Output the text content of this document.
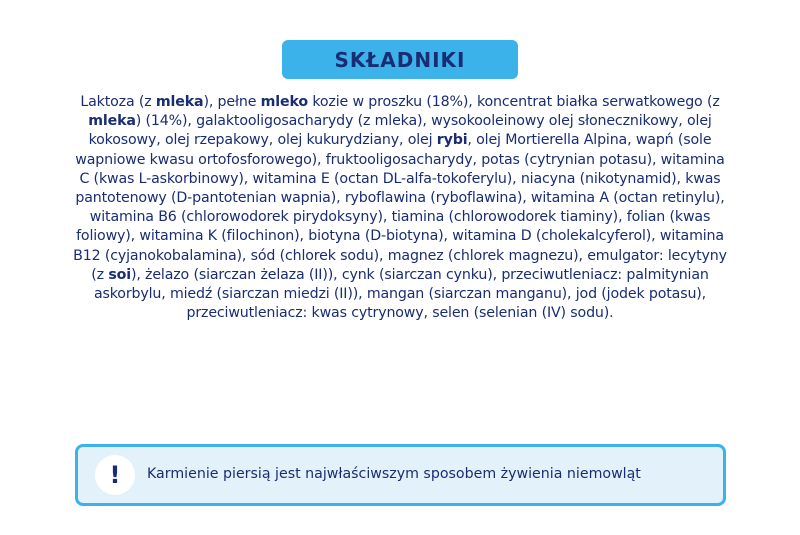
SKŁADNIKI

Laktoza (z mleka), pełne mleko kozie w proszku (18%), koncentrat białka serwatkowego (z mleka) (14%), galaktooligosacharydy (z mleka), wysokooleinowy olej słonecznikowy, olej kokosowy, olej rzepakowy, olej kukurydziany, olej rybi, olej Mortierella Alpina, wapń (sole wapniowe kwasu ortofosforowego), fruktooligosacharydy, potas (cytrynian potasu), witamina C (kwas L-askorbinowy), witamina E (octan DL-alfa-tokoferylu), niacyna (nikotynamid), kwas pantotenowy (D-pantotenian wapnia), ryboflawina (ryboflawina), witamina A (octan retinylu), witamina B6 (chlorowodorek pirydoksyny), tiamina (chlorowodorek tiaminy), folian (kwas foliowy), witamina K (filochinon), biotyna (D-biotyna), witamina D (cholekalcyferol), witamina B12 (cyjanokobalamina), sód (chlorek sodu), magnez (chlorek magnezu), emulgator: lecytyny (z soi), żelazo (siarczan żelaza (II)), cynk (siarczan cynku), przeciwutleniacz: palmitynian askorbylu, miedź (siarczan miedzi (II)), mangan (siarczan manganu), jod (jodek potasu), przeciwutleniacz: kwas cytrynowy, selen (selenian (IV) sodu).

! Karmienie piersią jest najwłaściwszym sposobem żywienia niemowląt
